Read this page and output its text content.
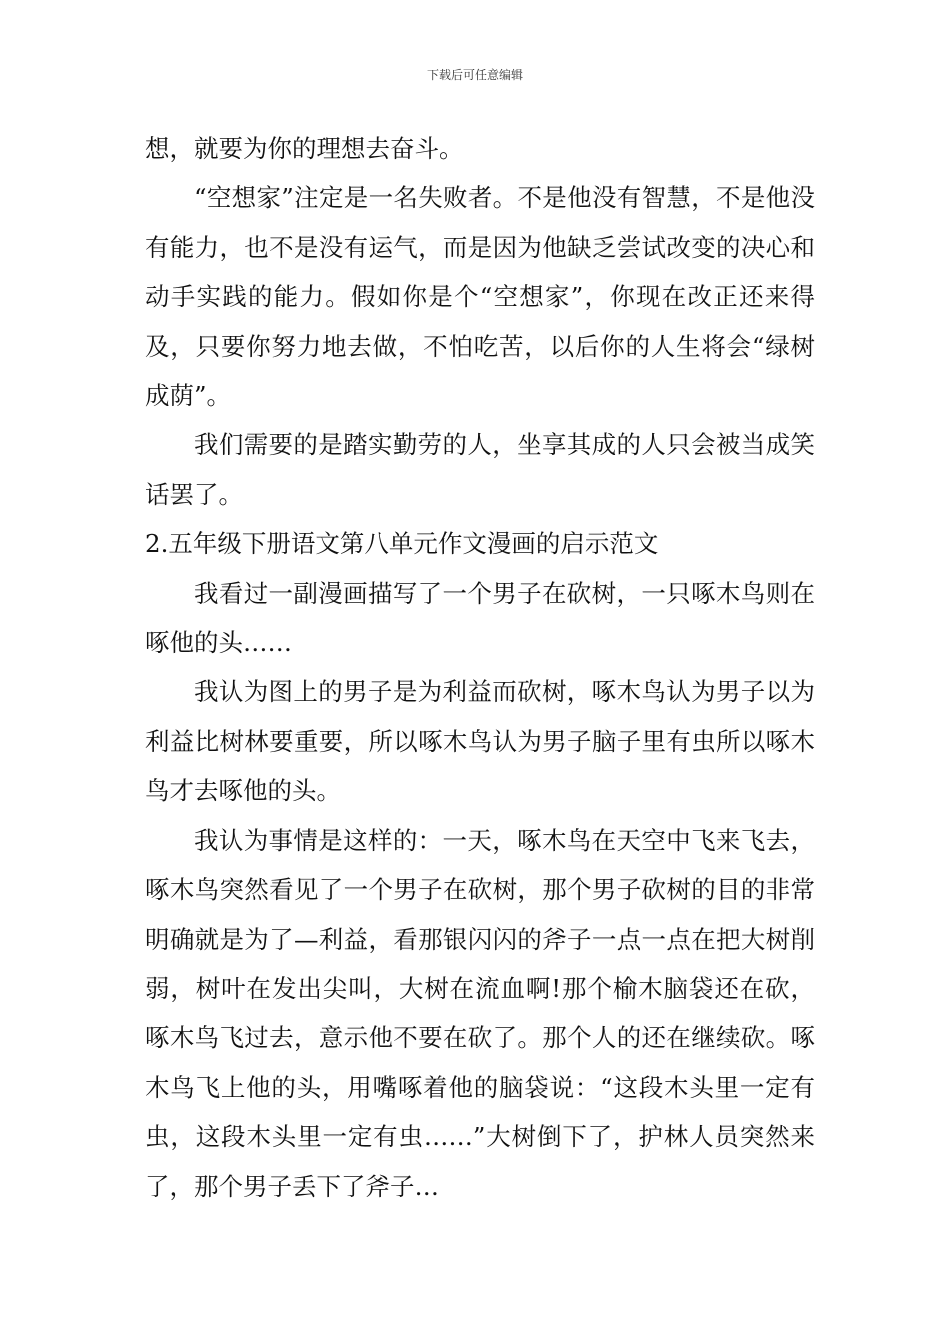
下载后可任意编辑

想，就要为你的理想去奋斗。

“空想家”注定是一名失败者。不是他没有智慧，不是他没有能力，也不是没有运气，而是因为他缺乏尝试改变的决心和动手实践的能力。假如你是个“空想家”，你现在改正还来得及，只要你努力地去做，不怕吃苦，以后你的人生将会“绿树成荫”。

我们需要的是踏实勤劳的人，坐享其成的人只会被当成笑话罢了。

2.五年级下册语文第八单元作文漫画的启示范文

我看过一副漫画描写了一个男子在砍树，一只啄木鸟则在啄他的头……

我认为图上的男子是为利益而砍树，啄木鸟认为男子以为利益比树林要重要，所以啄木鸟认为男子脑子里有虫所以啄木鸟才去啄他的头。

我认为事情是这样的：一天，啄木鸟在天空中飞来飞去，啄木鸟突然看见了一个男子在砍树，那个男子砍树的目的非常明确就是为了—利益，看那银闪闪的斧子一点一点在把大树削弱，树叶在发出尖叫，大树在流血啊!那个榆木脑袋还在砍，啄木鸟飞过去，意示他不要在砍了。那个人的还在继续砍。啄木鸟飞上他的头，用嘴啄着他的脑袋说：“这段木头里一定有虫，这段木头里一定有虫……”大树倒下了，护林人员突然来了，那个男子丢下了斧子…
